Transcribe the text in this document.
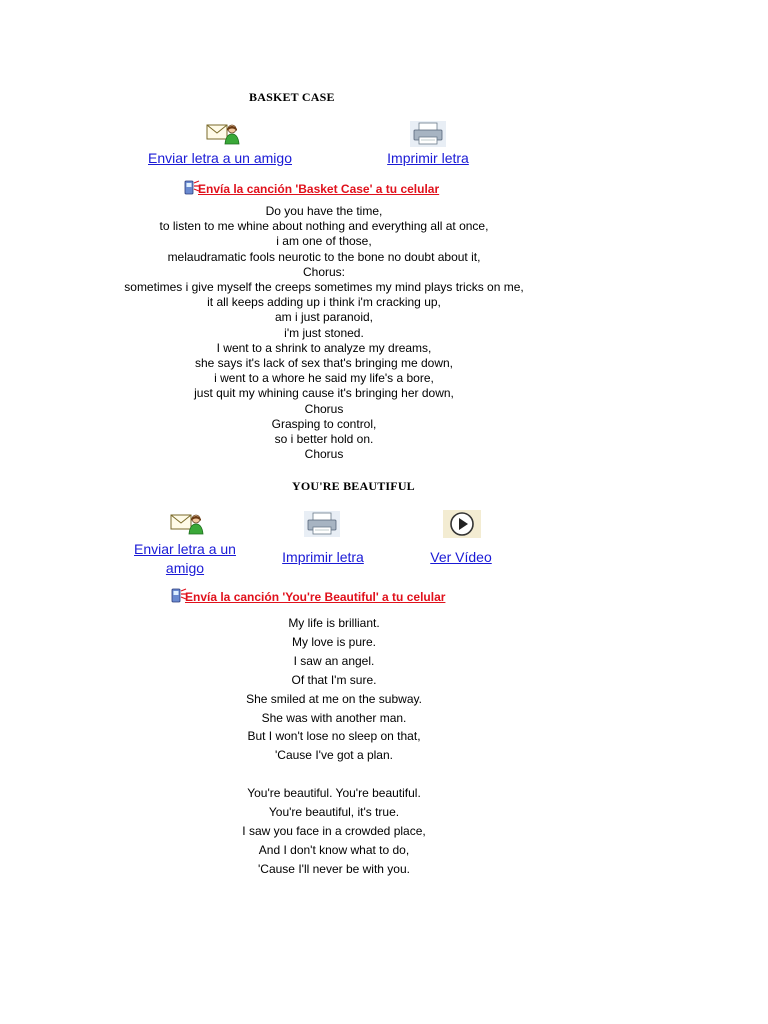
BASKET CASE
Enviar letra a un amigo	Imprimir letra
Envía la canción 'Basket Case' a tu celular
Do you have the time,
to listen to me whine about nothing and everything all at once,
i am one of those,
melaudramatic fools neurotic to the bone no doubt about it,
Chorus:
sometimes i give myself the creeps sometimes my mind plays tricks on me,
it all keeps adding up i think i'm cracking up,
am i just paranoid,
i'm just stoned.
I went to a shrink to analyze my dreams,
she says it's lack of sex that's bringing me down,
i went to a whore he said my life's a bore,
just quit my whining cause it's bringing her down,
Chorus
Grasping to control,
so i better hold on.
Chorus
YOU'RE BEAUTIFUL
Enviar letra a un amigo
Imprimir letra	Ver Vídeo
Envía la canción 'You're Beautiful' a tu celular
My life is brilliant.
My love is pure.
I saw an angel.
Of that I'm sure.
She smiled at me on the subway.
She was with another man.
But I won't lose no sleep on that,
'Cause I've got a plan.
You're beautiful. You're beautiful.
You're beautiful, it's true.
I saw you face in a crowded place,
And I don't know what to do,
'Cause I'll never be with you.
